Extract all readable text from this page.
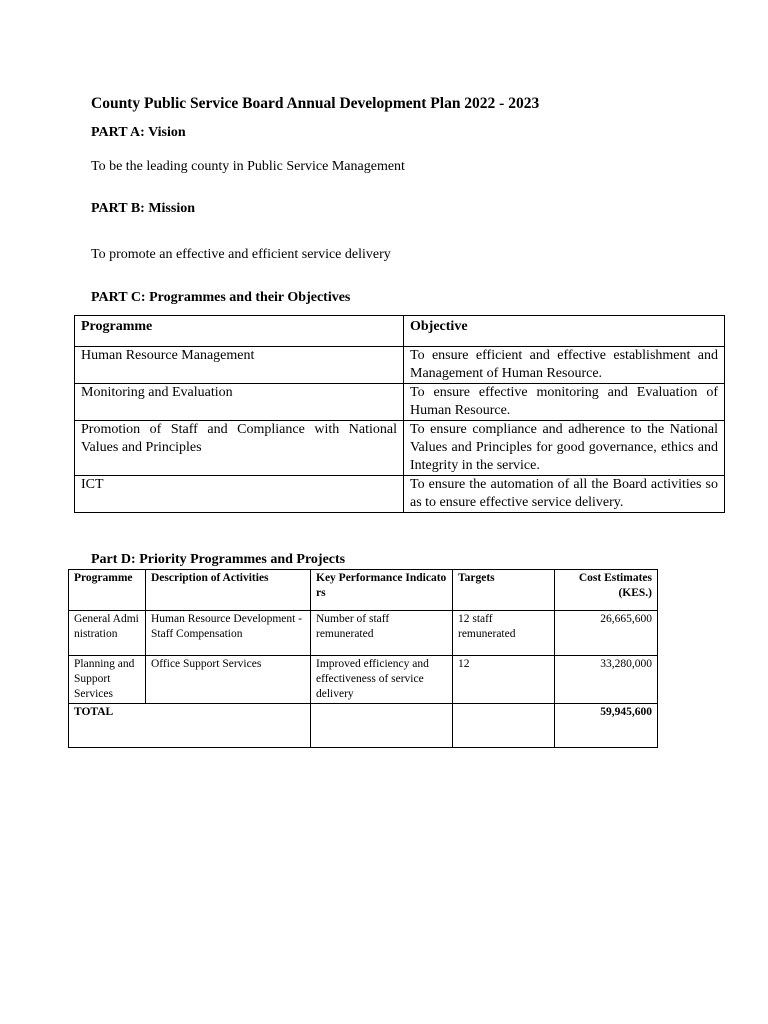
County Public Service Board Annual Development Plan 2022 - 2023
PART A: Vision
To be the leading county in Public Service Management
PART B: Mission
To promote an effective and efficient service delivery
PART C: Programmes and their Objectives
Programme	Objective
Human Resource Management	To ensure efficient and effective establishment and Management of Human Resource.
Monitoring and Evaluation	To ensure effective monitoring and Evaluation of Human Resource.
Promotion of Staff and Compliance with National Values and Principles	To ensure compliance and adherence to the National Values and Principles for good governance, ethics and Integrity in the service.
ICT	To ensure the automation of all the Board activities so as to ensure effective service delivery.
Part D: Priority Programmes and Projects
Programme	Description of Activities	Key Performance Indicators	Targets	Cost Estimates (KES.)
General Administration	Human Resource Development - Staff Compensation	Number of staff remunerated	12 staff remunerated	26,665,600
Planning and Support Services	Office Support Services	Improved efficiency and effectiveness of service delivery	12	33,280,000
TOTAL				59,945,600
